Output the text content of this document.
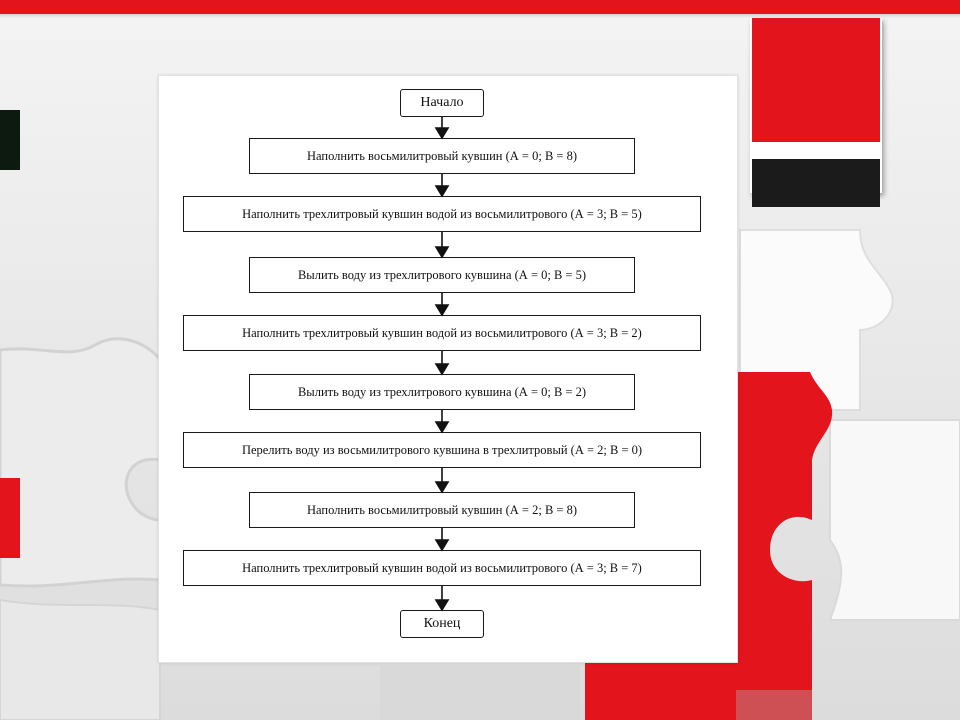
Начало
Наполнить восьмилитровый кувшин (А = 0; В = 8)
Наполнить трехлитровый кувшин водой из восьмилитрового (А = 3; В = 5)
Вылить воду из трехлитрового кувшина (А = 0; В = 5)
Наполнить трехлитровый кувшин водой из восьмилитрового (А = 3; В = 2)
Вылить воду из трехлитрового кувшина (А = 0; В = 2)
Перелить воду из восьмилитрового кувшина в трехлитровый (А = 2; В = 0)
Наполнить восьмилитровый кувшин (А = 2; В = 8)
Наполнить трехлитровый кувшин водой из восьмилитрового (А = 3; В = 7)
Конец
